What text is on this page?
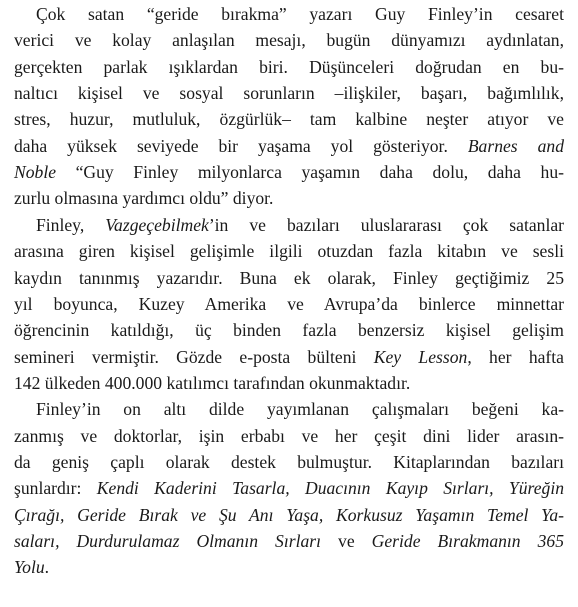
Çok satan “geride bırakma” yazarı Guy Finley’in cesaret
verici ve kolay anlaşılan mesajı, bugün dünyamızı aydınlatan,
gerçekten parlak ışıklardan biri. Düşünceleri doğrudan en bu-
naltıcı kişisel ve sosyal sorunların –ilişkiler, başarı, bağımlılık,
stres, huzur, mutluluk, özgürlük– tam kalbine neşter atıyor ve
daha yüksek seviyede bir yaşama yol gösteriyor. Barnes and
Noble “Guy Finley milyonlarca yaşamın daha dolu, daha hu-
zurlu olmasına yardımcı oldu” diyor.
Finley, Vazgeçebilmek’in ve bazıları uluslararası çok satanlar
arasına giren kişisel gelişimle ilgili otuzdan fazla kitabın ve sesli
kaydın tanınmış yazarıdır. Buna ek olarak, Finley geçtiğimiz 25
yıl boyunca, Kuzey Amerika ve Avrupa’da binlerce minnettar
öğrencinin katıldığı, üç binden fazla benzersiz kişisel gelişim
semineri vermiştir. Gözde e-posta bülteni Key Lesson, her hafta
142 ülkeden 400.000 katılımcı tarafından okunmaktadır.
Finley’in on altı dilde yayımlanan çalışmaları beğeni ka-
zanmış ve doktorlar, işin erbabı ve her çeşit dini lider arasın-
da geniş çaplı olarak destek bulmuştur. Kitaplarından bazıları
şunlardır: Kendi Kaderini Tasarla, Duacının Kayıp Sırları, Yüreğin
Çırağı, Geride Bırak ve Şu Anı Yaşa, Korkusuz Yaşamın Temel Ya-
saları, Durdurulamaz Olmanın Sırları ve Geride Bırakmanın 365
Yolu.
